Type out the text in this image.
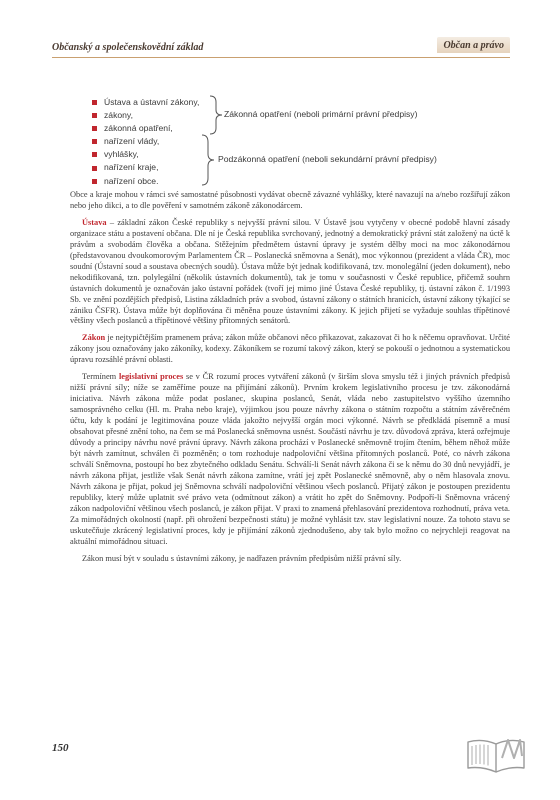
Občanský a společenskovědní základ	Občan a právo
Ústava a ústavní zákony,
zákony,
zákonná opatření,
nařízení vlády,
vyhlášky,
nařízení kraje,
nařízení obce.
Zákonná opatření (neboli primární právní předpisy)
Podzákonná opatření (neboli sekundární právní předpisy)

Obce a kraje mohou v rámci své samostatné působnosti vydávat obecně závazné vyhlášky, které navazují na a/nebo rozšiřují zákon nebo jeho dikci, a to dle pověření v samotném zákoně zákonodárcem.

Ústava – základní zákon České republiky s nejvyšší právní silou. V Ústavě jsou vytyčeny v obecné podobě hlavní zásady organizace státu a postavení občana. Dle ní je Česká republika svrchovaný, jednotný a demokratický právní stát založený na úctě k právům a svobodám člověka a občana. Stěžejním předmětem ústavní úpravy je systém dělby moci na moc zákonodárnou (představovanou dvoukomorovým Parlamentem ČR – Poslanecká sněmovna a Senát), moc výkonnou (prezident a vláda ČR), moc soudní (Ústavní soud a soustava obecných soudů). Ústava může být jednak kodifikovaná, tzv. monolegální (jeden dokument), nebo nekodifikovaná, tzn. polylegální (několik ústavních dokumentů), tak je tomu v současnosti v České republice, přičemž souhrn ústavních dokumentů je označován jako ústavní pořádek (tvoří jej mimo jiné Ústava České republiky, tj. ústavní zákon č. 1/1993 Sb. ve znění pozdějších předpisů, Listina základních práv a svobod, ústavní zákony o státních hranicích, ústavní zákony týkající se zániku ČSFR). Ústava může být doplňována či měněna pouze ústavními zákony. K jejich přijetí se vyžaduje souhlas třípětinové většiny všech poslanců a třípětinové většiny přítomných senátorů.

Zákon je nejtypičtějším pramenem práva; zákon může občanovi něco přikazovat, zakazovat či ho k něčemu opravňovat. Určité zákony jsou označovány jako zákoníky, kodexy. Zákoníkem se rozumí takový zákon, který se pokouší o jednotnou a systematickou úpravu rozsáhlé právní oblasti.

Termínem legislativní proces se v ČR rozumí proces vytváření zákonů (v širším slova smyslu též i jiných právních předpisů nižší právní síly; níže se zaměříme pouze na přijímání zákonů). Prvním krokem legislativního procesu je tzv. zákonodárná iniciativa. Návrh zákona může podat poslanec, skupina poslanců, Senát, vláda nebo zastupitelstvo vyššího územního samosprávného celku (Hl. m. Praha nebo kraje), výjimkou jsou pouze návrhy zákona o státním rozpočtu a státním závěrečném účtu, kdy k podání je legitimována pouze vláda jakožto nejvyšší orgán moci výkonné. Návrh se předkládá písemně a musí obsahovat přesné znění toho, na čem se má Poslanecká sněmovna usnést. Součástí návrhu je tzv. důvodová zpráva, která ozřejmuje důvody a principy návrhu nové právní úpravy. Návrh zákona prochází v Poslanecké sněmovně trojím čtením, během něhož může být návrh zamítnut, schválen či pozměněn; o tom rozhoduje nadpoloviční většina přítomných poslanců. Poté, co návrh zákona schválí Sněmovna, postoupí ho bez zbytečného odkladu Senátu. Schválí-li Senát návrh zákona či se k němu do 30 dnů nevyjádří, je návrh zákona přijat, jestliže však Senát návrh zákona zamítne, vrátí jej zpět Poslanecké sněmovně, aby o něm hlasovala znovu. Návrh zákona je přijat, pokud jej Sněmovna schválí nadpoloviční většinou všech poslanců. Přijatý zákon je postoupen prezidentu republiky, který může uplatnit své právo veta (odmítnout zákon) a vrátit ho zpět do Sněmovny. Podpoří-li Sněmovna vrácený zákon nadpoloviční většinou všech poslanců, je zákon přijat. V praxi to znamená přehlasování prezidentova rozhodnutí, práva veta. Za mimořádných okolností (např. při ohrožení bezpečnosti státu) je možné vyhlásit tzv. stav legislativní nouze. Za tohoto stavu se uskutečňuje zkrácený legislativní proces, kdy je přijímání zákonů zjednodušeno, aby tak bylo možno co nejrychleji reagovat na aktuální mimořádnou situaci.

Zákon musí být v souladu s ústavními zákony, je nadřazen právním předpisům nižší právní síly.

150
